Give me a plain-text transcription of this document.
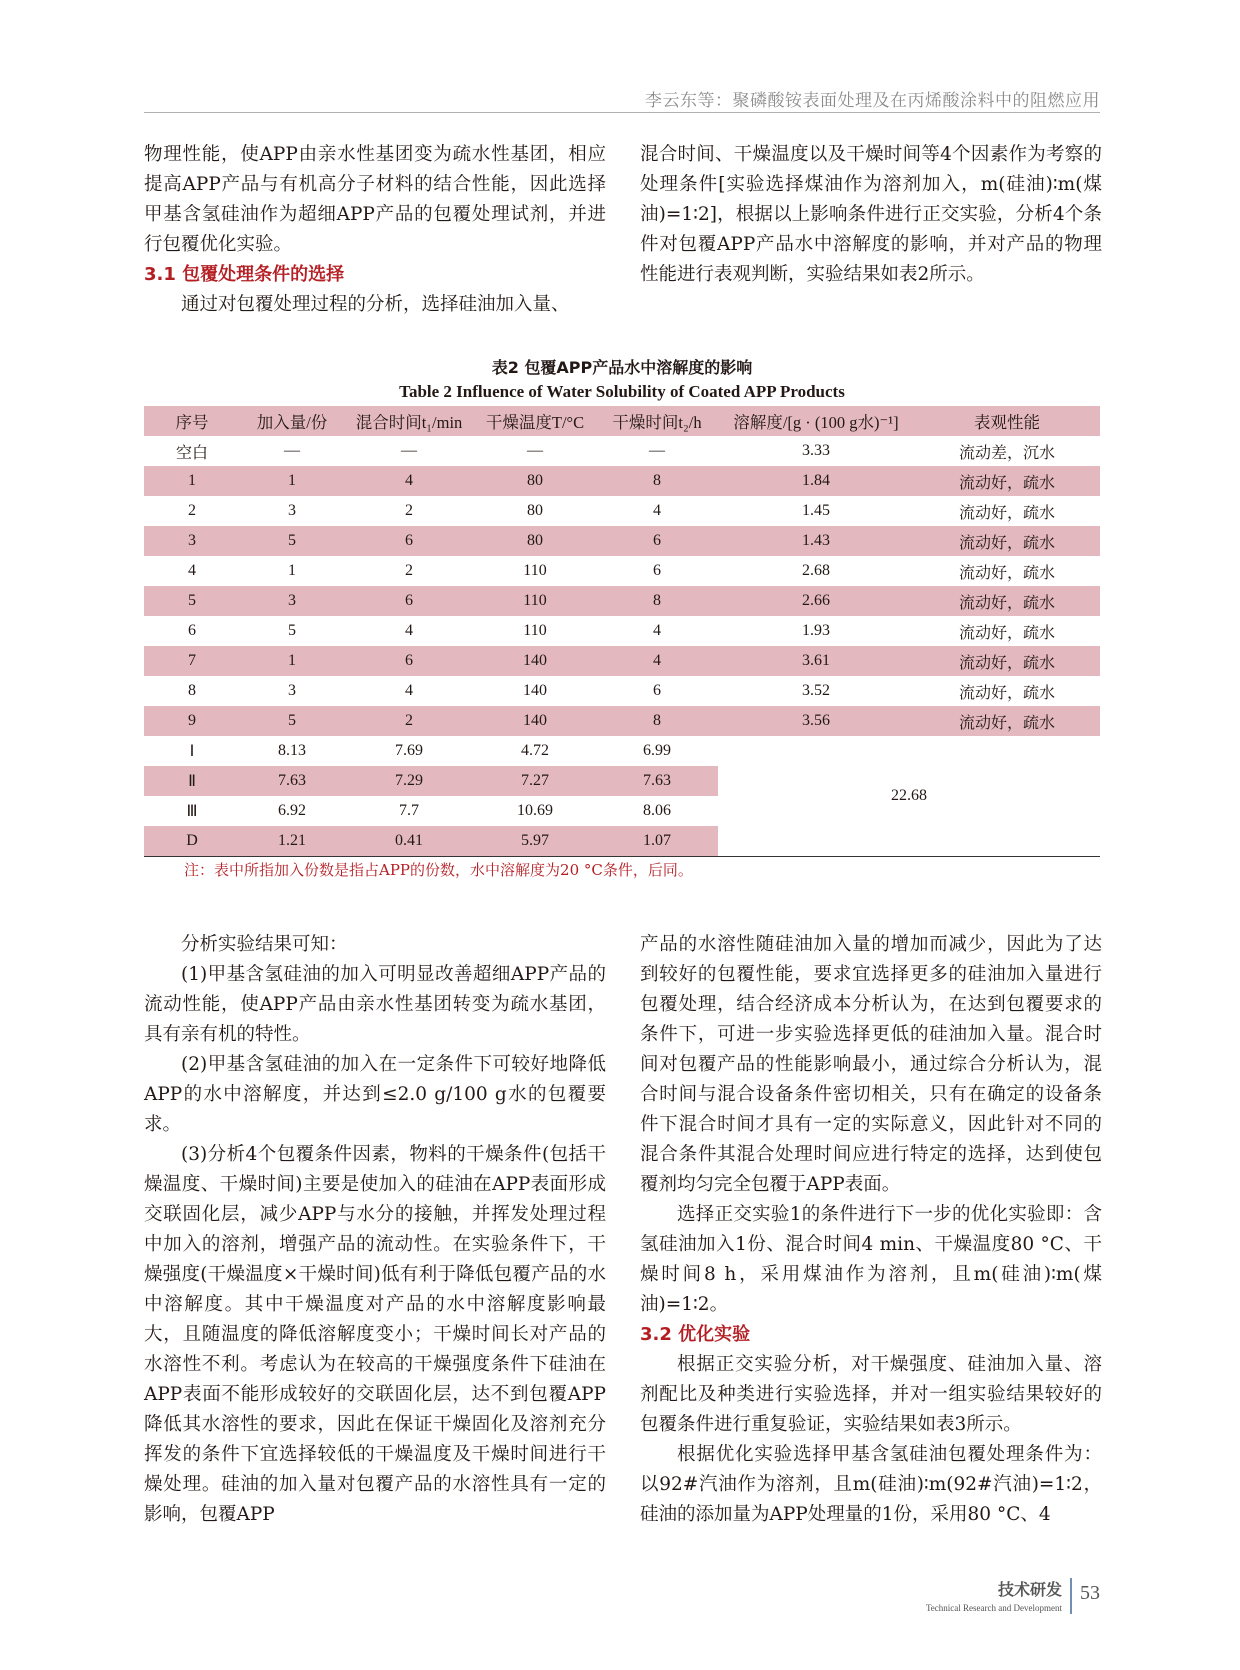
李云东等：聚磷酸铵表面处理及在丙烯酸涂料中的阻燃应用

物理性能，使APP由亲水性基团变为疏水性基团，相应提高APP产品与有机高分子材料的结合性能，因此选择甲基含氢硅油作为超细APP产品的包覆处理试剂，并进行包覆优化实验。

3.1 包覆处理条件的选择

通过对包覆处理过程的分析，选择硅油加入量、

混合时间、干燥温度以及干燥时间等4个因素作为考察的处理条件[实验选择煤油作为溶剂加入，m(硅油)∶m(煤油)=1∶2]，根据以上影响条件进行正交实验，分析4个条件对包覆APP产品水中溶解度的影响，并对产品的物理性能进行表观判断，实验结果如表2所示。

表2 包覆APP产品水中溶解度的影响
Table 2 Influence of Water Solubility of Coated APP Products
序号	加入量/份	混合时间t₁/min	干燥温度T/°C	干燥时间t₂/h	溶解度/[g · (100 g水)⁻¹]	表观性能
空白	—	—	—	—	3.33	流动差，沉水
1	1	4	80	8	1.84	流动好，疏水
2	3	2	80	4	1.45	流动好，疏水
3	5	6	80	6	1.43	流动好，疏水
4	1	2	110	6	2.68	流动好，疏水
5	3	6	110	8	2.66	流动好，疏水
6	5	4	110	4	1.93	流动好，疏水
7	1	6	140	4	3.61	流动好，疏水
8	3	4	140	6	3.52	流动好，疏水
9	5	2	140	8	3.56	流动好，疏水
Ⅰ	8.13	7.69	4.72	6.99	22.68	
Ⅱ	7.63	7.29	7.27	7.63		
Ⅲ	6.92	7.7	10.69	8.06		
D	1.21	0.41	5.97	1.07		
注：表中所指加入份数是指占APP的份数，水中溶解度为20 °C条件，后同。

分析实验结果可知：

(1)甲基含氢硅油的加入可明显改善超细APP产品的流动性能，使APP产品由亲水性基团转变为疏水基团，具有亲有机的特性。

(2)甲基含氢硅油的加入在一定条件下可较好地降低APP的水中溶解度，并达到≤2.0 g/100 g水的包覆要求。

(3)分析4个包覆条件因素，物料的干燥条件(包括干燥温度、干燥时间)主要是使加入的硅油在APP表面形成交联固化层，减少APP与水分的接触，并挥发处理过程中加入的溶剂，增强产品的流动性。在实验条件下，干燥强度(干燥温度×干燥时间)低有利于降低包覆产品的水中溶解度。其中干燥温度对产品的水中溶解度影响最大，且随温度的降低溶解度变小；干燥时间长对产品的水溶性不利。考虑认为在较高的干燥强度条件下硅油在APP表面不能形成较好的交联固化层，达不到包覆APP降低其水溶性的要求，因此在保证干燥固化及溶剂充分挥发的条件下宜选择较低的干燥温度及干燥时间进行干燥处理。硅油的加入量对包覆产品的水溶性具有一定的影响，包覆APP

产品的水溶性随硅油加入量的增加而减少，因此为了达到较好的包覆性能，要求宜选择更多的硅油加入量进行包覆处理，结合经济成本分析认为，在达到包覆要求的条件下，可进一步实验选择更低的硅油加入量。混合时间对包覆产品的性能影响最小，通过综合分析认为，混合时间与混合设备条件密切相关，只有在确定的设备条件下混合时间才具有一定的实际意义，因此针对不同的混合条件其混合处理时间应进行特定的选择，达到使包覆剂均匀完全包覆于APP表面。

选择正交实验1的条件进行下一步的优化实验即：含氢硅油加入1份、混合时间4 min、干燥温度80 °C、干燥时间8 h，采用煤油作为溶剂，且m(硅油)∶m(煤油)=1∶2。

3.2 优化实验

根据正交实验分析，对干燥强度、硅油加入量、溶剂配比及种类进行实验选择，并对一组实验结果较好的包覆条件进行重复验证，实验结果如表3所示。

根据优化实验选择甲基含氢硅油包覆处理条件为：以92#汽油作为溶剂，且m(硅油)∶m(92#汽油)=1∶2，硅油的添加量为APP处理量的1份，采用80 °C、4

技术研发
Technical Research and Development
53
